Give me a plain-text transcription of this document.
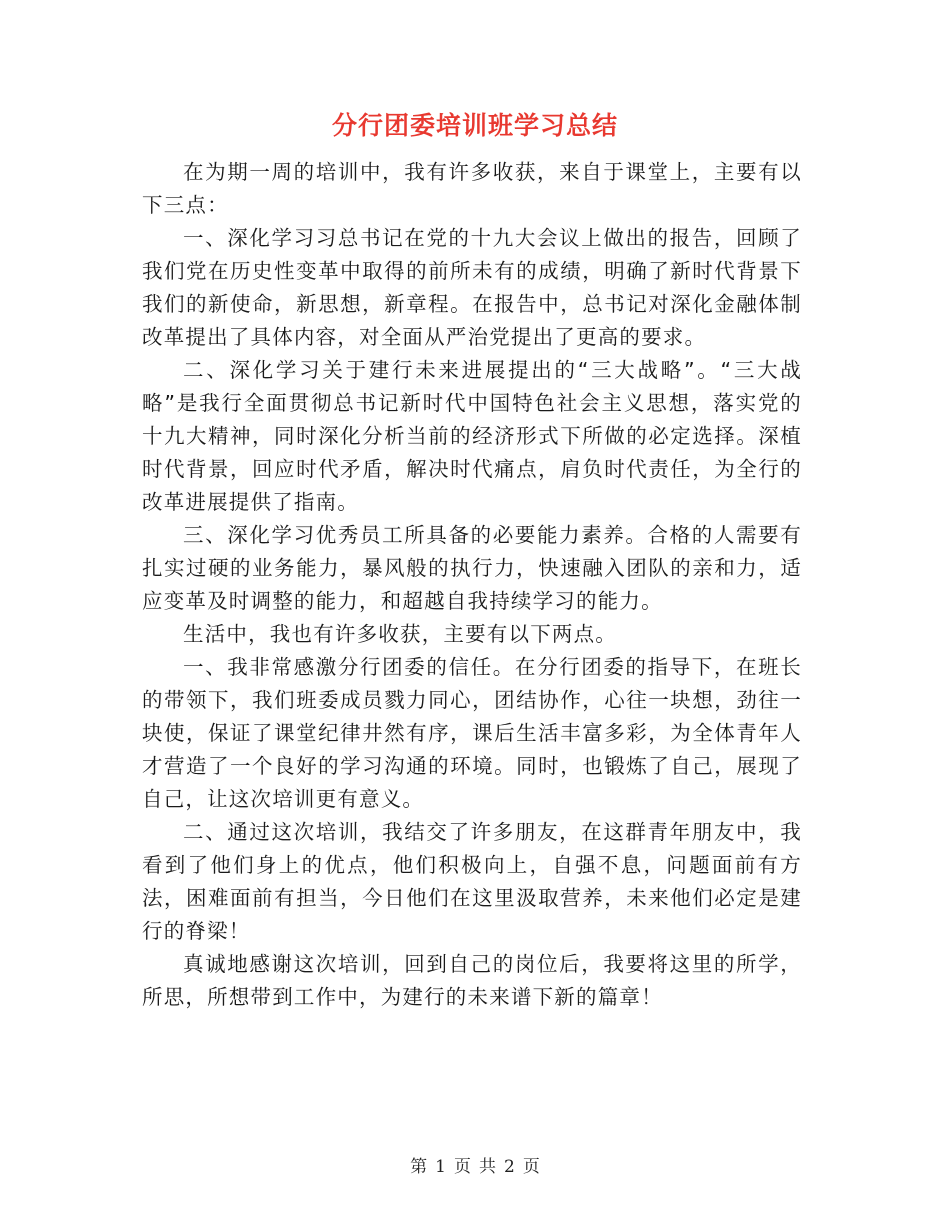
分行团委培训班学习总结

在为期一周的培训中，我有许多收获，来自于课堂上，主要有以下三点：

一、深化学习习总书记在党的十九大会议上做出的报告，回顾了我们党在历史性变革中取得的前所未有的成绩，明确了新时代背景下我们的新使命，新思想，新章程。在报告中，总书记对深化金融体制改革提出了具体内容，对全面从严治党提出了更高的要求。

二、深化学习关于建行未来进展提出的“三大战略”。“三大战略”是我行全面贯彻总书记新时代中国特色社会主义思想，落实党的十九大精神，同时深化分析当前的经济形式下所做的必定选择。深植时代背景，回应时代矛盾，解决时代痛点，肩负时代责任，为全行的改革进展提供了指南。

三、深化学习优秀员工所具备的必要能力素养。合格的人需要有扎实过硬的业务能力，暴风般的执行力，快速融入团队的亲和力，适应变革及时调整的能力，和超越自我持续学习的能力。

生活中，我也有许多收获，主要有以下两点。

一、我非常感激分行团委的信任。在分行团委的指导下，在班长的带领下，我们班委成员戮力同心，团结协作，心往一块想，劲往一块使，保证了课堂纪律井然有序，课后生活丰富多彩，为全体青年人才营造了一个良好的学习沟通的环境。同时，也锻炼了自己，展现了自己，让这次培训更有意义。

二、通过这次培训，我结交了许多朋友，在这群青年朋友中，我看到了他们身上的优点，他们积极向上，自强不息，问题面前有方法，困难面前有担当，今日他们在这里汲取营养，未来他们必定是建行的脊梁！

真诚地感谢这次培训，回到自己的岗位后，我要将这里的所学，所思，所想带到工作中，为建行的未来谱下新的篇章！

第 1 页 共 2 页
